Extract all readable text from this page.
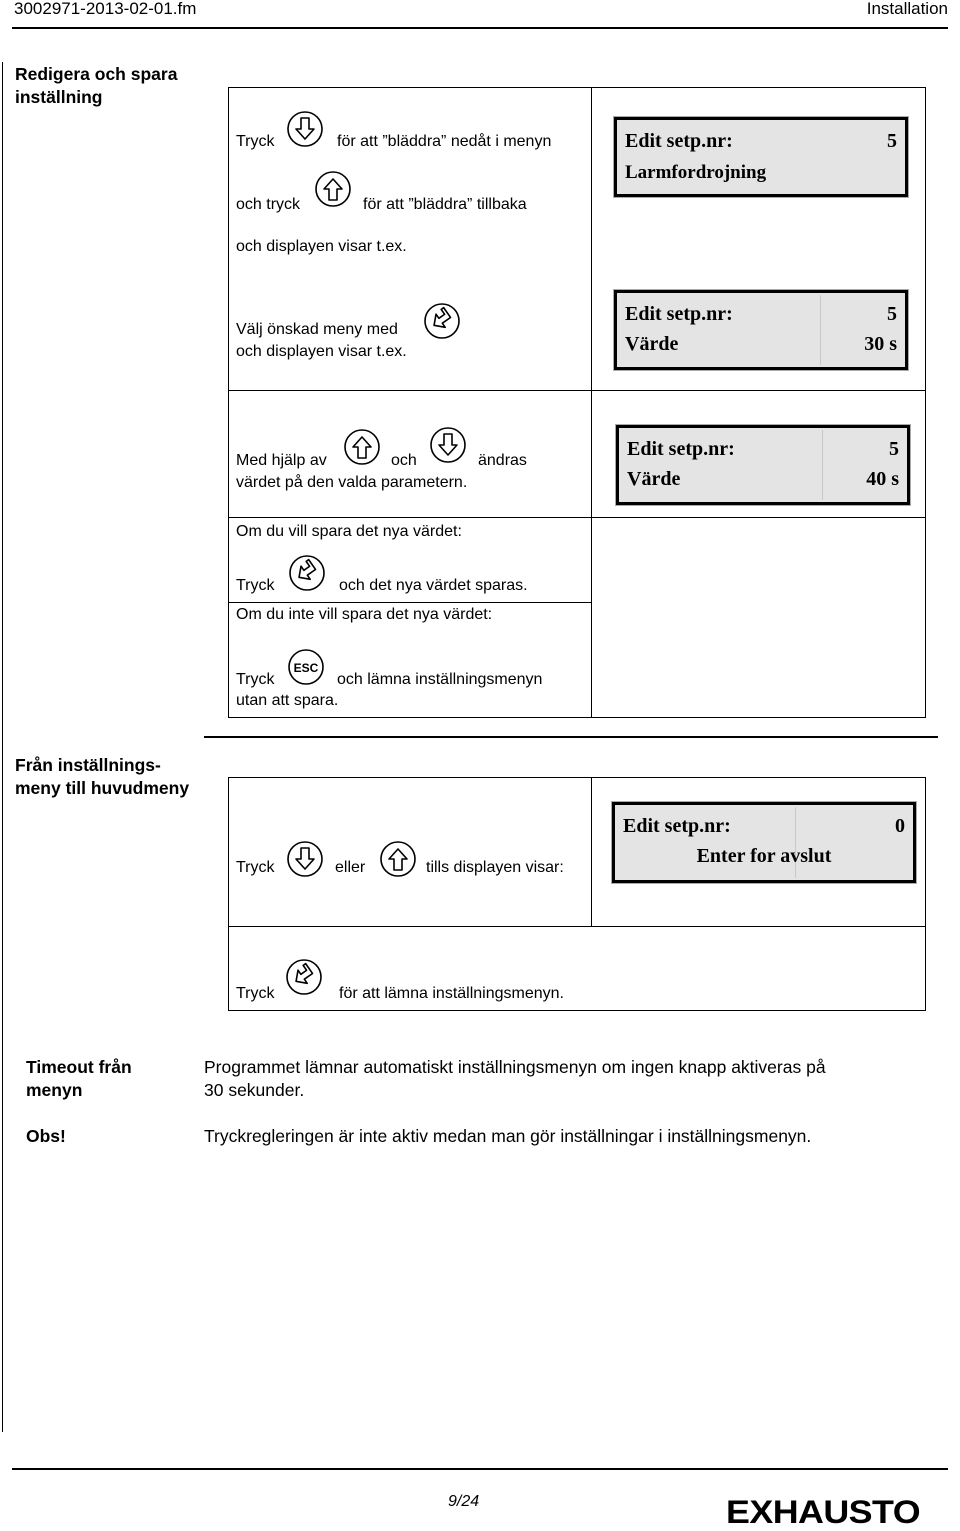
3002971-2013-02-01.fm	Installation
Redigera och spara inställning
Tryck	för att ”bläddra” nedåt i menyn
och tryck	för att ”bläddra” tillbaka
och displayen visar t.ex.
Edit setp.nr:	5
Larmfordrojning
Välj önskad meny med
och displayen visar t.ex.
Edit setp.nr:	5
Värde	30 s
Med hjälp av	och	ändras
värdet på den valda parametern.
Edit setp.nr:	5
Värde	40 s
Om du vill spara det nya värdet:
Tryck	och det nya värdet sparas.
Om du inte vill spara det nya värdet:
Tryck
ESC
och lämna inställningsmenyn
utan att spara.
Från inställnings-
meny till huvudmeny
Tryck	eller	tills displayen visar:
Edit setp.nr:	0
Enter for avslut
Tryck	för att lämna inställningsmenyn.
Timeout från
menyn
Programmet lämnar automatiskt inställningsmenyn om ingen knapp aktiveras på
30 sekunder.
Obs!	Tryckregleringen är inte aktiv medan man gör inställningar i inställningsmenyn.
9/24	EXHAUSTO
